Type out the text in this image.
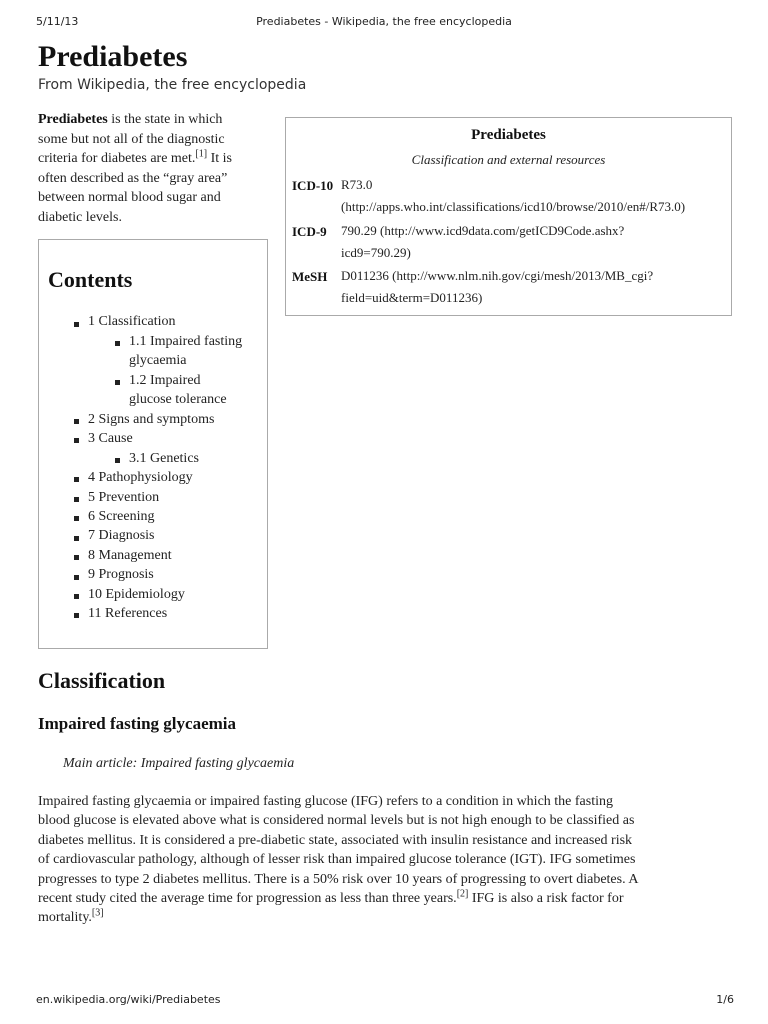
5/11/13	Prediabetes - Wikipedia, the free encyclopedia
Prediabetes
From Wikipedia, the free encyclopedia
Prediabetes is the state in which
some but not all of the diagnostic
criteria for diabetes are met.[1] It is
often described as the “gray area”
between normal blood sugar and
diabetic levels.
Prediabetes
Classification and external resources
ICD-10 R73.0
(http://apps.who.int/classifications/icd10/browse/2010/en#/R73.0)
ICD-9 790.29 (http://www.icd9data.com/getICD9Code.ashx?
icd9=790.29)
MeSH D011236 (http://www.nlm.nih.gov/cgi/mesh/2013/MB_cgi?
field=uid&term=D011236)
Contents
1 Classification
1.1 Impaired fasting
glycaemia
1.2 Impaired
glucose tolerance
2 Signs and symptoms
3 Cause
3.1 Genetics
4 Pathophysiology
5 Prevention
6 Screening
7 Diagnosis
8 Management
9 Prognosis
10 Epidemiology
11 References
Classification
Impaired fasting glycaemia
Main article: Impaired fasting glycaemia
Impaired fasting glycaemia or impaired fasting glucose (IFG) refers to a condition in which the fasting
blood glucose is elevated above what is considered normal levels but is not high enough to be classified as
diabetes mellitus. It is considered a pre-diabetic state, associated with insulin resistance and increased risk
of cardiovascular pathology, although of lesser risk than impaired glucose tolerance (IGT). IFG sometimes
progresses to type 2 diabetes mellitus. There is a 50% risk over 10 years of progressing to overt diabetes. A
recent study cited the average time for progression as less than three years.[2] IFG is also a risk factor for
mortality.[3]
en.wikipedia.org/wiki/Prediabetes	1/6
